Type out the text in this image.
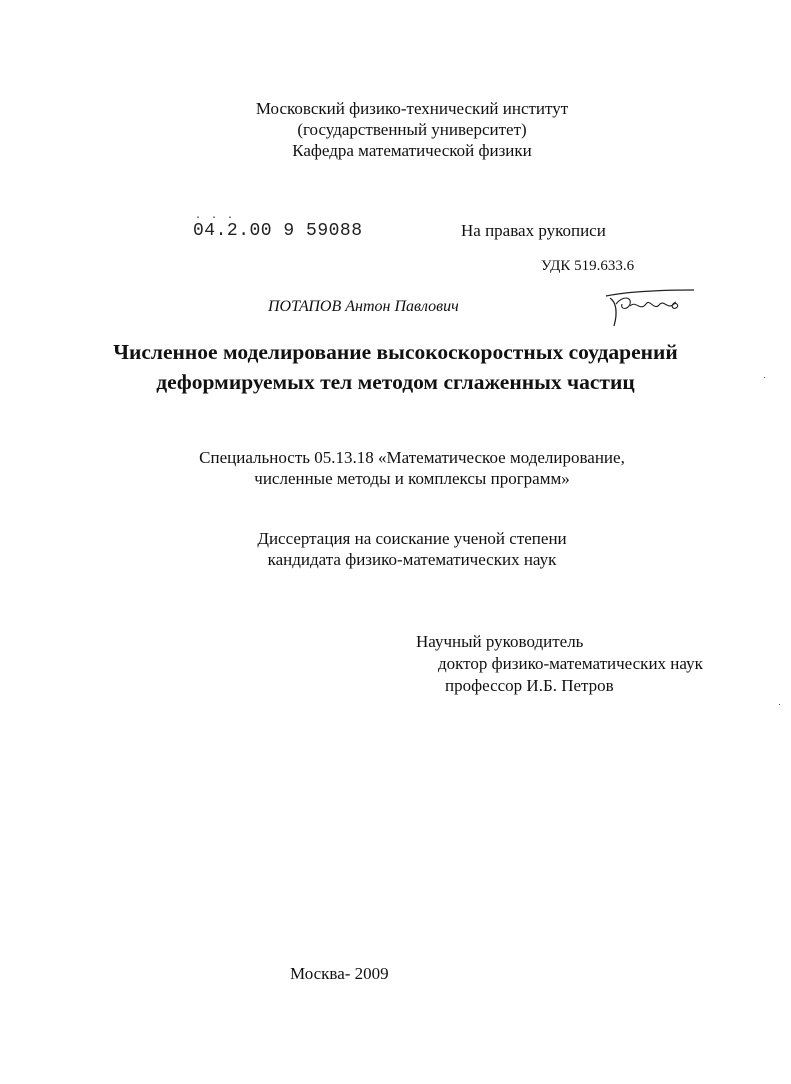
Московский физико-технический институт
(государственный университет)
Кафедра математической физики
· · ·
04.2.00 9 59088	На правах рукописи
УДК 519.633.6
ПОТАПОВ Антон Павлович
Численное моделирование высокоскоростных соударений
деформируемых тел методом сглаженных частиц
Специальность 05.13.18 «Математическое моделирование,
численные методы и комплексы программ»
Диссертация на соискание ученой степени
кандидата физико-математических наук
Научный руководитель
доктор физико-математических наук
профессор И.Б. Петров
Москва- 2009
